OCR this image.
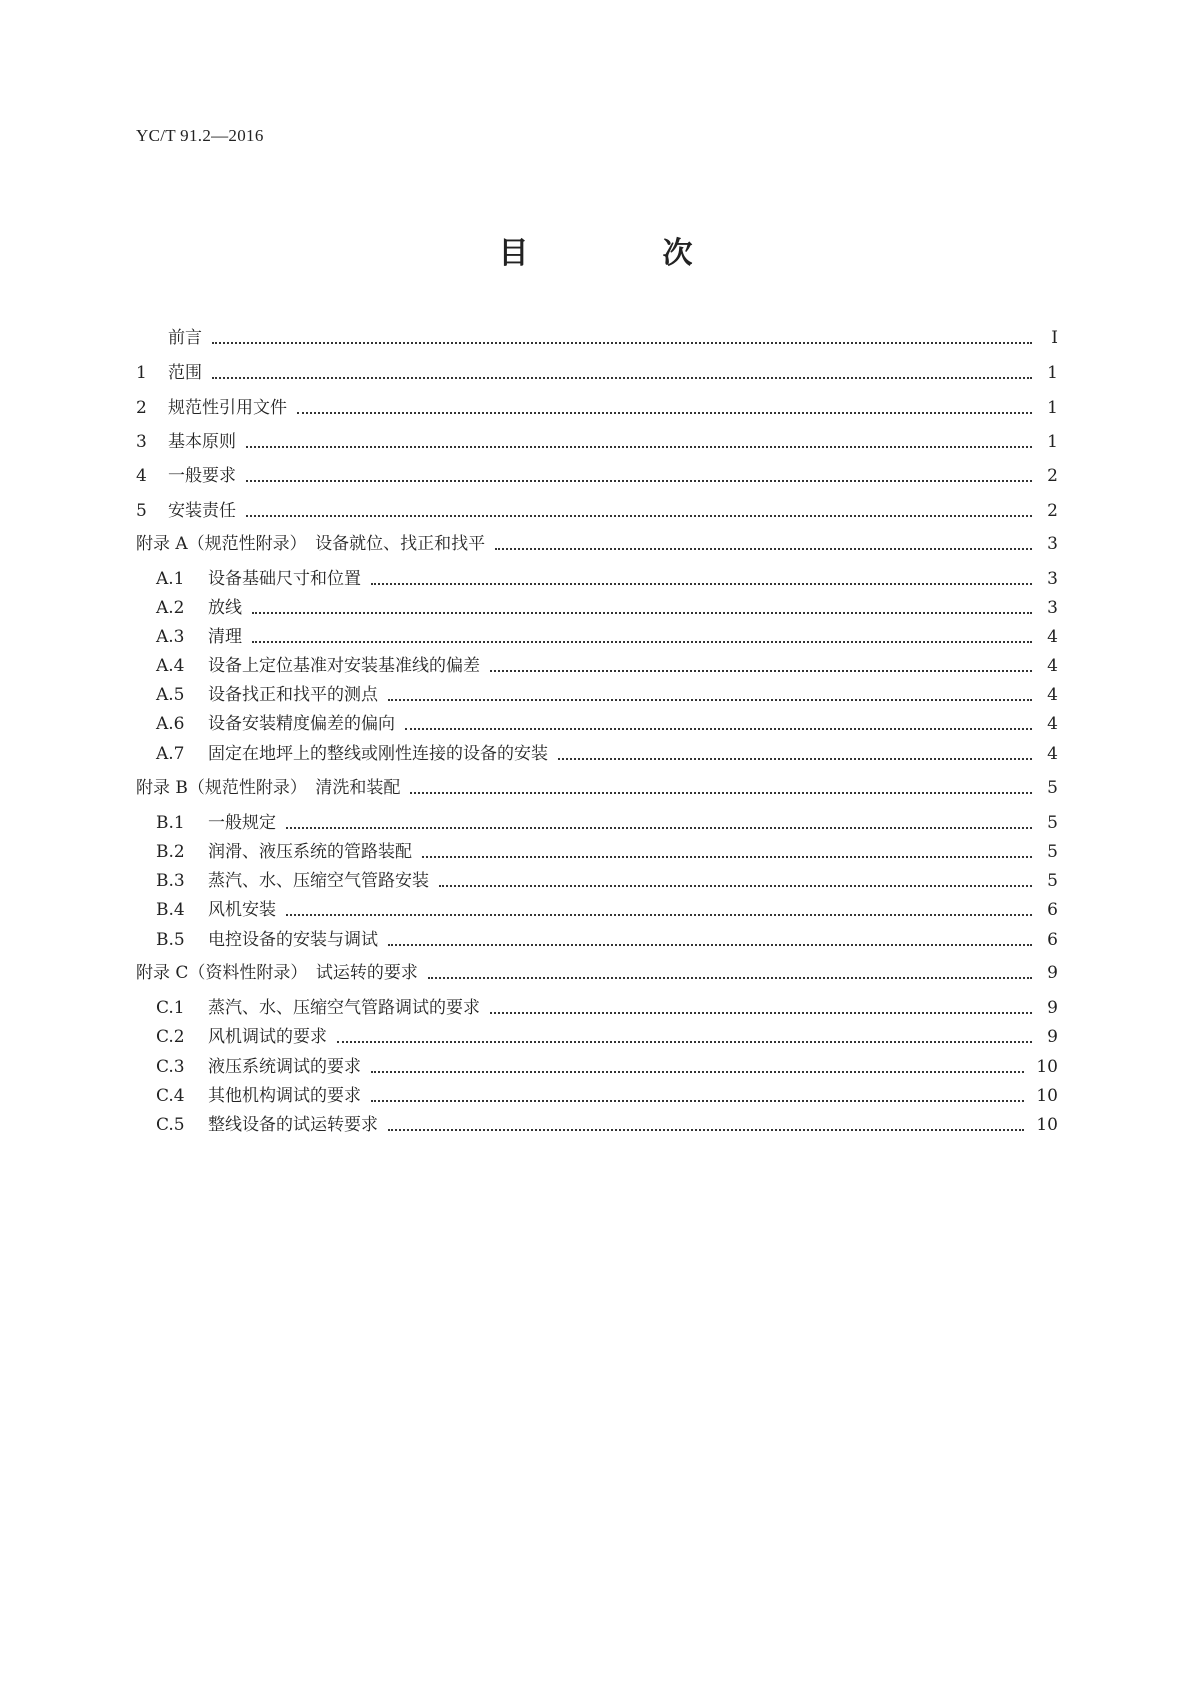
YC/T 91.2—2016
目　次
前言	Ⅰ
1	范围	1
2	规范性引用文件	1
3	基本原则	1
4	一般要求	2
5	安装责任	2
附录 A（规范性附录）　设备就位、找正和找平	3
A.1	设备基础尺寸和位置	3
A.2	放线	3
A.3	清理	4
A.4	设备上定位基准对安装基准线的偏差	4
A.5	设备找正和找平的测点	4
A.6	设备安装精度偏差的偏向	4
A.7	固定在地坪上的整线或刚性连接的设备的安装	4
附录 B（规范性附录）　清洗和装配	5
B.1	一般规定	5
B.2	润滑、液压系统的管路装配	5
B.3	蒸汽、水、压缩空气管路安装	5
B.4	风机安装	6
B.5	电控设备的安装与调试	6
附录 C（资料性附录）　试运转的要求	9
C.1	蒸汽、水、压缩空气管路调试的要求	9
C.2	风机调试的要求	9
C.3	液压系统调试的要求	10
C.4	其他机构调试的要求	10
C.5	整线设备的试运转要求	10
